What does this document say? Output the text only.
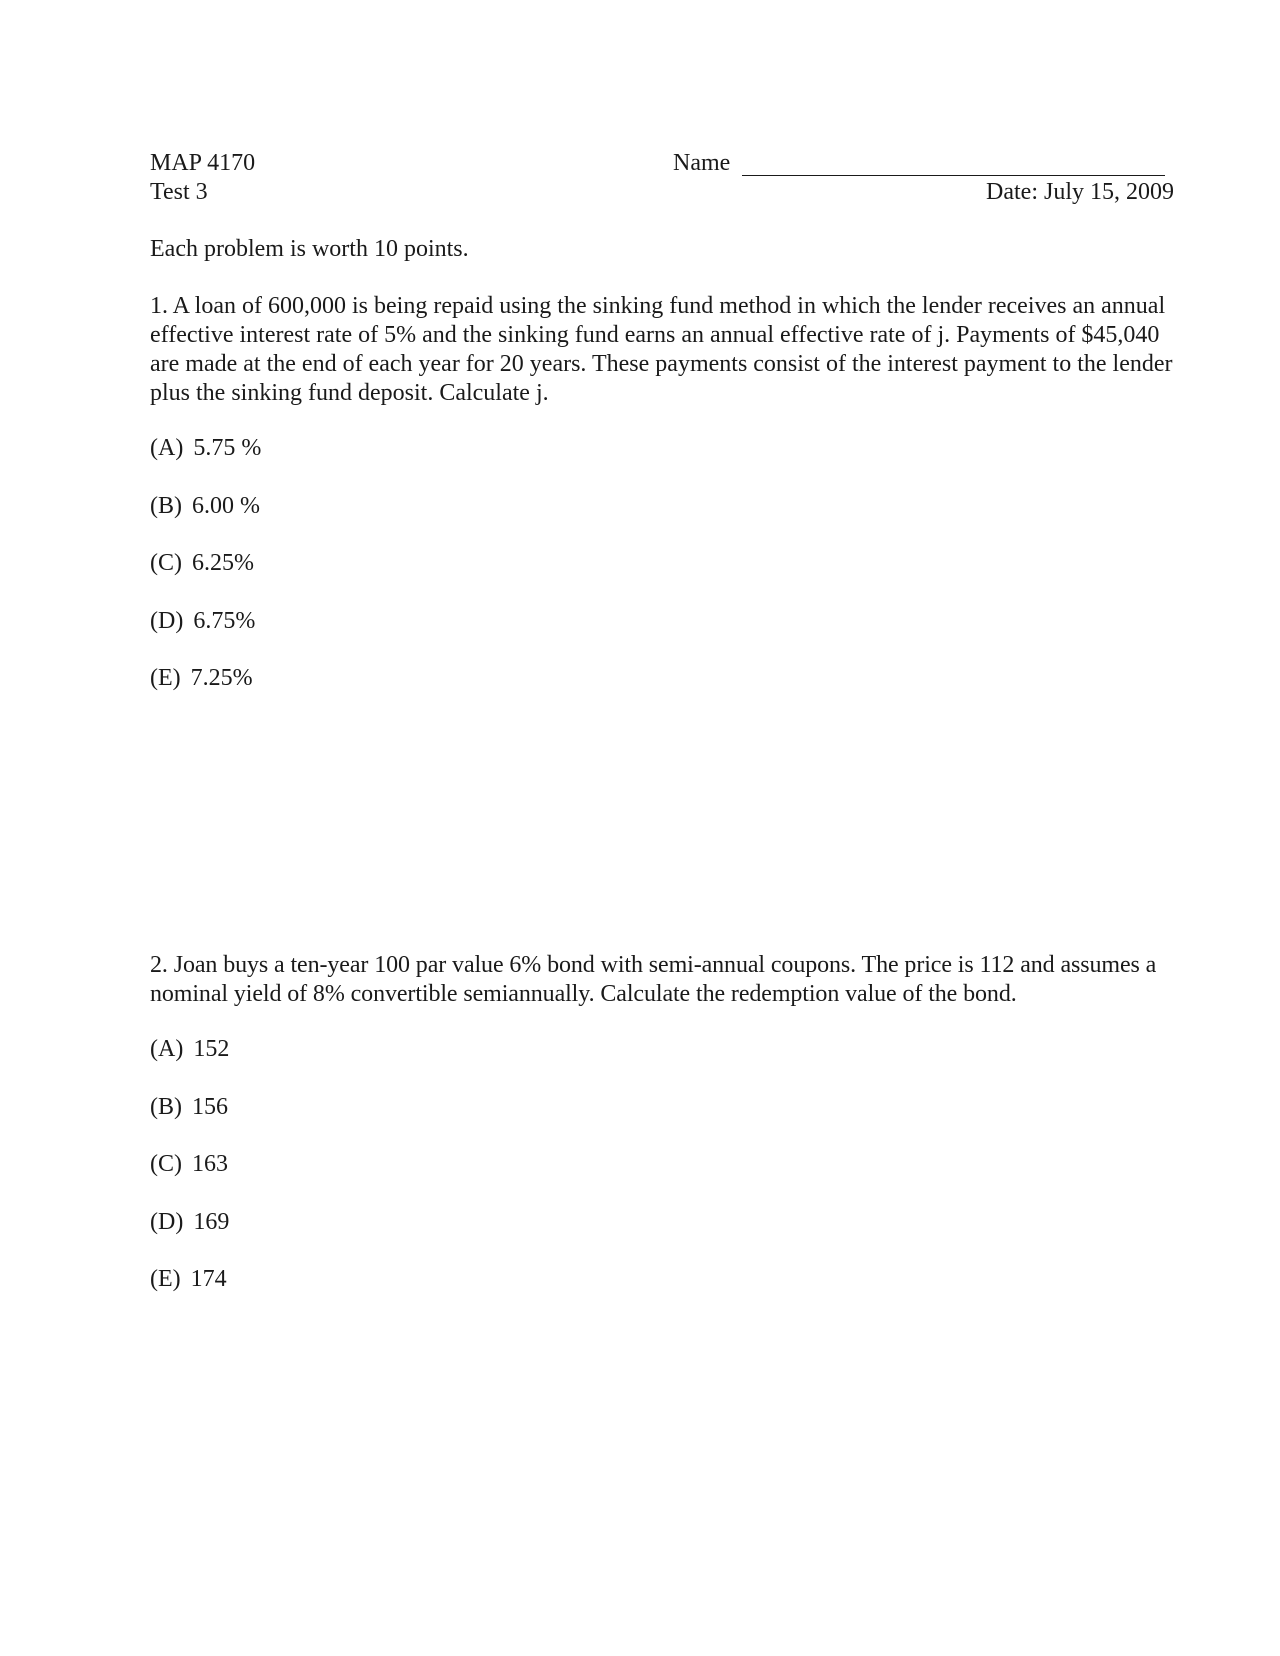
MAP 4170
Test 3
Name
Date: July 15, 2009
Each problem is worth 10 points.

1. A loan of 600,000 is being repaid using the sinking fund method in which the lender receives an annual effective interest rate of 5% and the sinking fund earns an annual effective rate of j. Payments of $45,040 are made at the end of each year for 20 years. These payments consist of the interest payment to the lender plus the sinking fund deposit. Calculate j.

(A) 5.75 %
(B) 6.00 %
(C) 6.25%
(D) 6.75%
(E) 7.25%

2. Joan buys a ten-year 100 par value 6% bond with semi-annual coupons. The price is 112 and assumes a nominal yield of 8% convertible semiannually. Calculate the redemption value of the bond.

(A) 152
(B) 156
(C) 163
(D) 169
(E) 174
